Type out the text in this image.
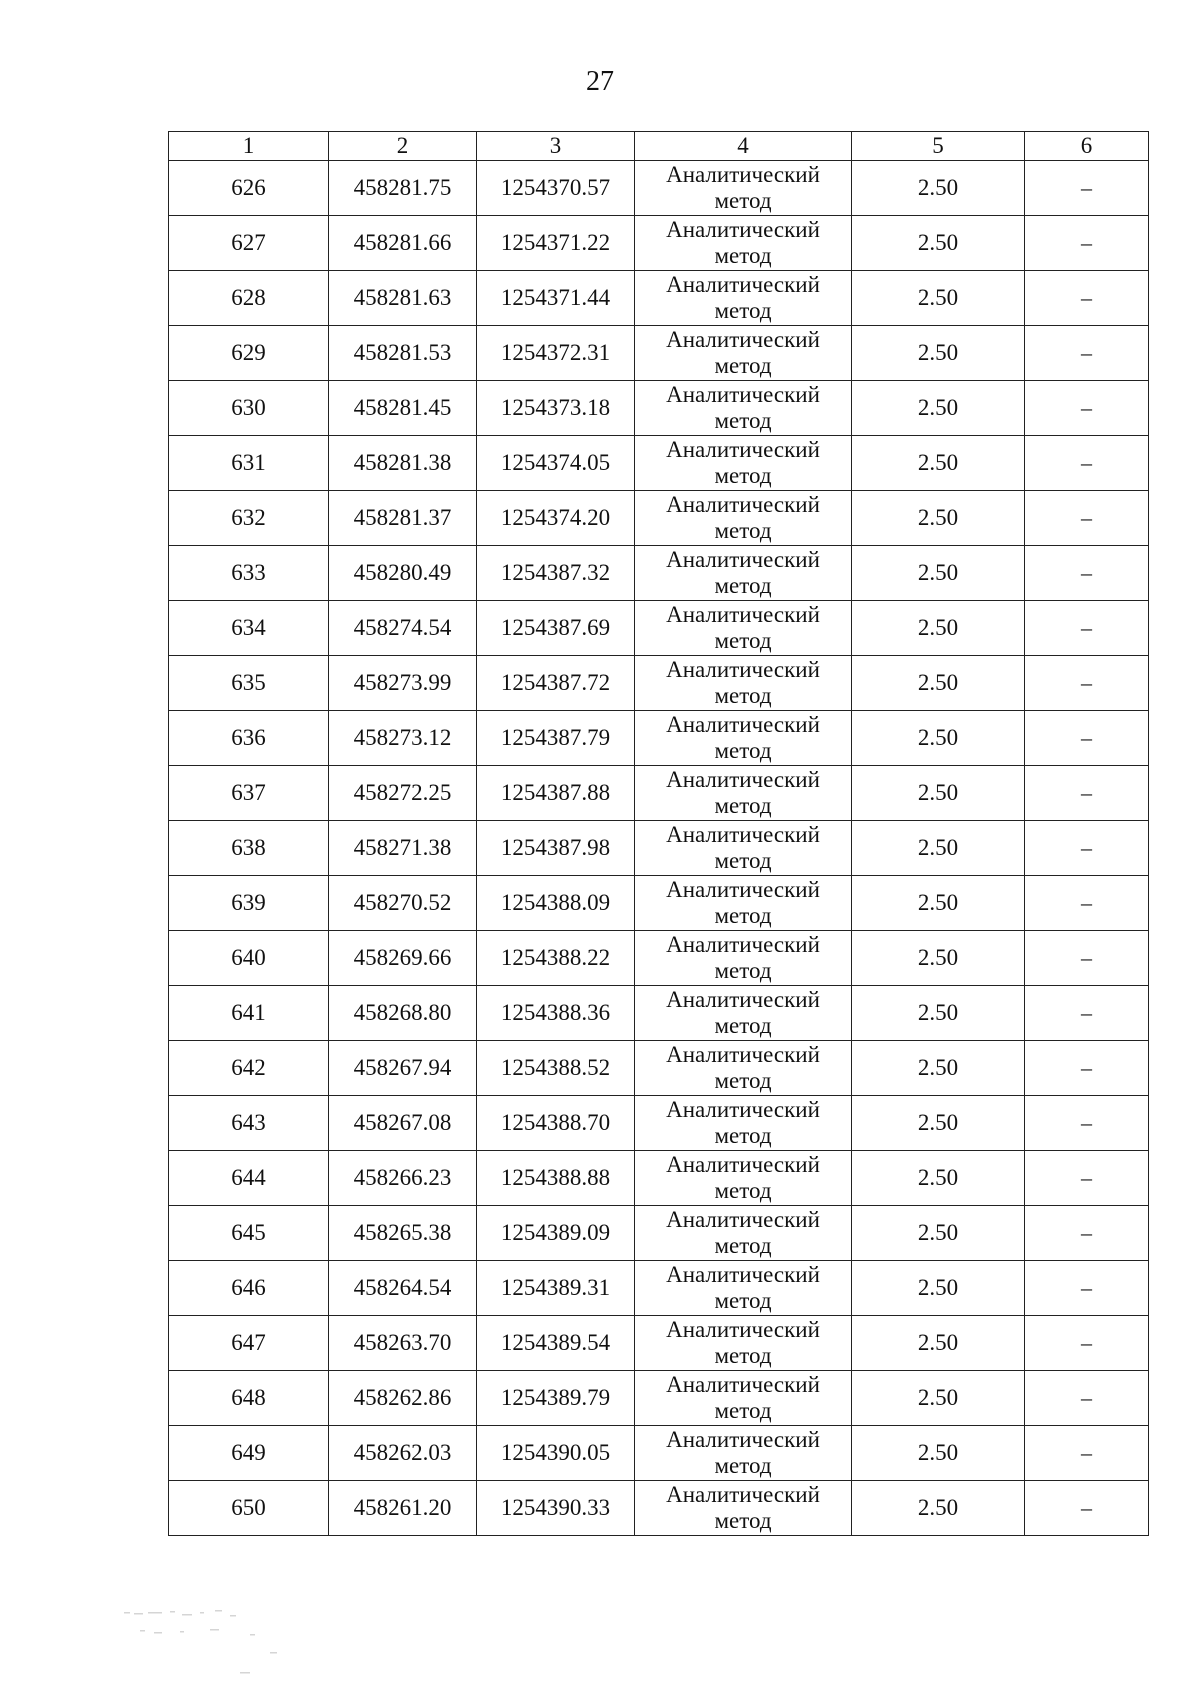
27
1	2	3	4	5	6
626	458281.75	1254370.57	Аналитический метод	2.50	–
627	458281.66	1254371.22	Аналитический метод	2.50	–
628	458281.63	1254371.44	Аналитический метод	2.50	–
629	458281.53	1254372.31	Аналитический метод	2.50	–
630	458281.45	1254373.18	Аналитический метод	2.50	–
631	458281.38	1254374.05	Аналитический метод	2.50	–
632	458281.37	1254374.20	Аналитический метод	2.50	–
633	458280.49	1254387.32	Аналитический метод	2.50	–
634	458274.54	1254387.69	Аналитический метод	2.50	–
635	458273.99	1254387.72	Аналитический метод	2.50	–
636	458273.12	1254387.79	Аналитический метод	2.50	–
637	458272.25	1254387.88	Аналитический метод	2.50	–
638	458271.38	1254387.98	Аналитический метод	2.50	–
639	458270.52	1254388.09	Аналитический метод	2.50	–
640	458269.66	1254388.22	Аналитический метод	2.50	–
641	458268.80	1254388.36	Аналитический метод	2.50	–
642	458267.94	1254388.52	Аналитический метод	2.50	–
643	458267.08	1254388.70	Аналитический метод	2.50	–
644	458266.23	1254388.88	Аналитический метод	2.50	–
645	458265.38	1254389.09	Аналитический метод	2.50	–
646	458264.54	1254389.31	Аналитический метод	2.50	–
647	458263.70	1254389.54	Аналитический метод	2.50	–
648	458262.86	1254389.79	Аналитический метод	2.50	–
649	458262.03	1254390.05	Аналитический метод	2.50	–
650	458261.20	1254390.33	Аналитический метод	2.50	–
